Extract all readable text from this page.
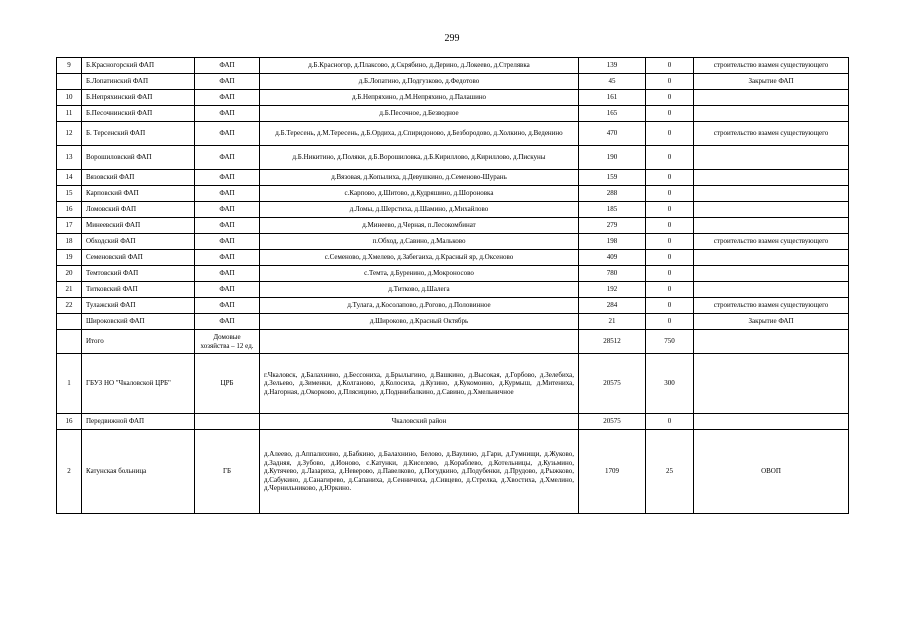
299
9	Б.Красногорский ФАП	ФАП	д.Б.Красногор, д.Плаксово, д.Скрябино, д.Дерино, д.Локеево, д.Стрелявка	139	0	строительство взамен существующего
	Б.Лопатинский ФАП	ФАП	д.Б.Лопатино, д.Подгузково, д.Федотово	45	0	Закрытие ФАП
10	Б.Непряхинский ФАП	ФАП	д.Б.Непряхино, д.М.Непряхино, д.Палашино	161	0	
11	Б.Песочнинский ФАП	ФАП	д.Б.Песочное, д.Безводное	165	0	
12	Б. Терсенский ФАП	ФАП	д.Б.Тересень, д.М.Тересень, д.Б.Ордиха, д.Спиридоново, д.Безбородово, д.Холкино, д.Веденино	470	0	строительство взамен существующего
13	Ворошиловский ФАП	ФАП	д.Б.Никитино, д.Поляки, д.Б.Ворошиловка, д.Б.Кириллово, д.Кириллово, д.Пискуны	190	0	
14	Вязовский ФАП	ФАП	д.Вязовая, д.Копылиха, д.Девушкино, д.Семеново-Шурань	159	0	
15	Карповский ФАП	ФАП	с.Карпово, д.Шитово, д.Кудряшино, д.Шороновка	288	0	
16	Ломовский ФАП	ФАП	д.Ломы, д.Шерстиха, д.Шамино, д.Михайлово	185	0	
17	Минеевский ФАП	ФАП	д.Минеево, д.Черная, п.Лесокомбинат	279	0	
18	Обходский ФАП	ФАП	п.Обход, д.Савино, д.Мальково	198	0	строительство взамен существующего
19	Семеновский ФАП	ФАП	с.Семеново, д.Хмелево, д.Забегаиха, д.Красный яр, д.Оксеново	409	0	
20	Темтовский ФАП	ФАП	с.Темта, д.Буренино, д.Мокроносово	780	0	
21	Титковский ФАП	ФАП	д.Титково, д.Шалега	192	0	
22	Тулажский ФАП	ФАП	д.Тулага, д.Косолапово, д.Рогово, д.Половинное	284	0	строительство взамен существующего
	Широковский ФАП	ФАП	д.Широково, д.Красный Октябрь	21	0	Закрытие ФАП
	Итого	Домовые хозяйства – 12 ед.		28512	750	
1	ГБУЗ НО "Чкаловской ЦРБ"	ЦРБ	г.Чкаловск, д.Балахнино, д.Бессониха, д.Брылыгино, д.Вашкино, д.Высокая, д.Горбово, д.Зелебиха, д.Зельево, д.Зименки, д.Колганово, д.Колосиха, д.Кузино, д.Кукомоино, д.Курмыш, д.Митениха, д.Нагорная, д.Окорково, д.Плясицино, д.Подннибалкино, д.Савино, д.Хмельничное	20575	300	
16	Передвижной ФАП		Чкаловский район	20575	0	
2	Катунская больница	ГБ	д.Алеево, д.Аппалихино, д.Бабкино, д.Балахнино, Белово, д.Ваулино, д.Гари, д.Гумнищи, д.Жуково, д.Задняя, д.Зубово, д.Ионово, с.Катунки, д.Киселево, д.Кораблево, д.Котельницы, д.Кузьмино, д.Кутячево, д.Лазариха, д.Неверово, д.Павелково, д.Погудкино, д.Подубенки, д.Прудово, д.Рыжково, д.Сабукино, д.Санагирево, д.Сапаниха, д.Сенничиха, д.Сивцево, д.Стрелка, д.Хвостиха, д.Хмелино, д.Чернильниково, д.Юркино.	1709	25	ОВОП
